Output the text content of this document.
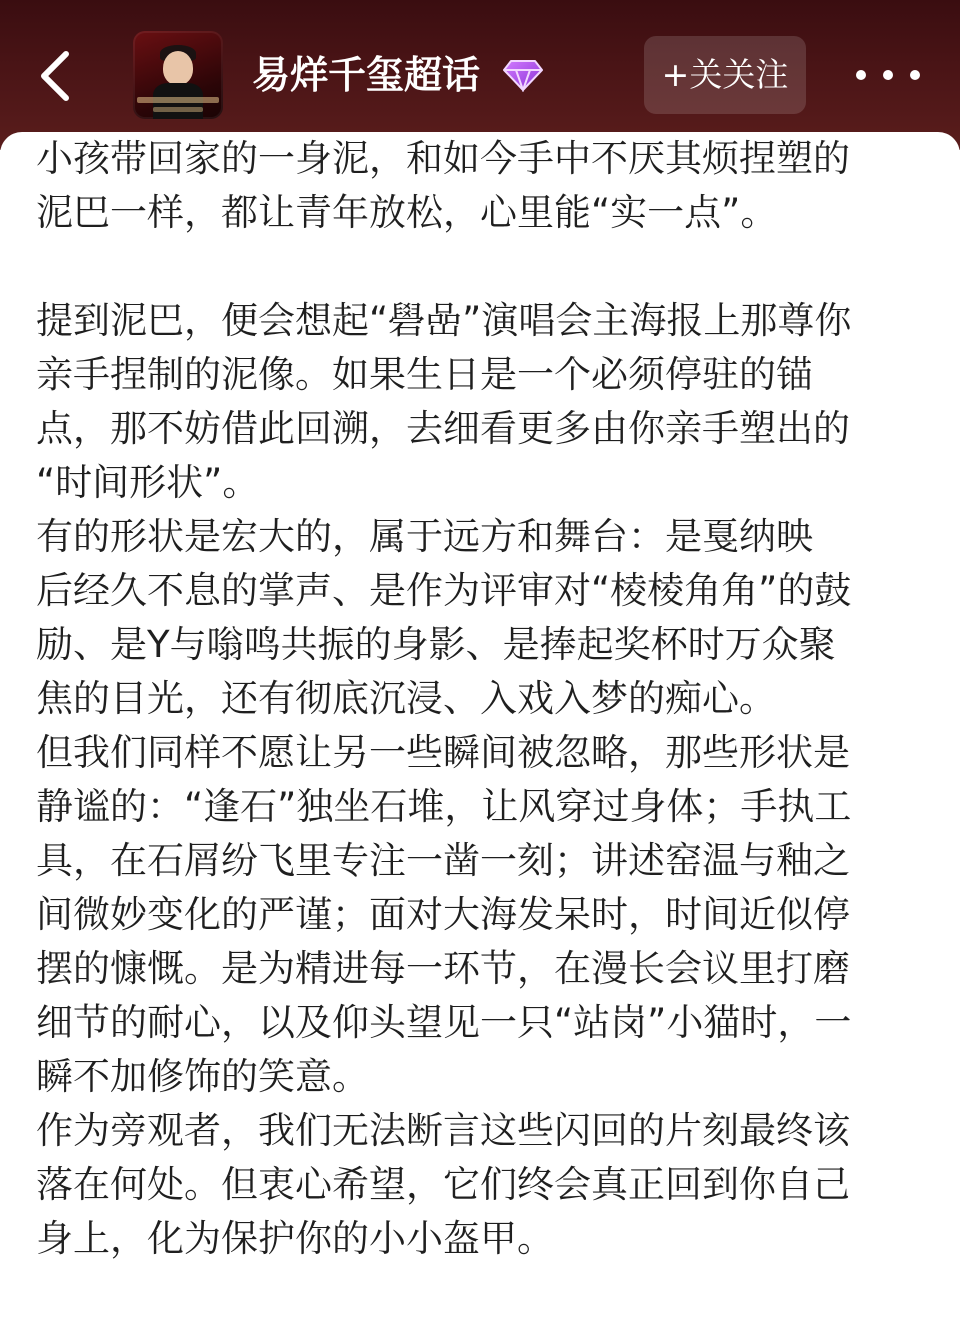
易烊千玺超话	+关关注
小孩带回家的一身泥，和如今手中不厌其烦捏塑的
泥巴一样，都让青年放松，心里能“实一点”。
提到泥巴，便会想起“礐嵒”演唱会主海报上那尊你
亲手捏制的泥像。如果生日是一个必须停驻的锚
点，那不妨借此回溯，去细看更多由你亲手塑出的
“时间形状”。
有的形状是宏大的，属于远方和舞台：是戛纳映
后经久不息的掌声、是作为评审对“棱棱角角”的鼓
励、是Y与嗡鸣共振的身影、是捧起奖杯时万众聚
焦的目光，还有彻底沉浸、入戏入梦的痴心。
但我们同样不愿让另一些瞬间被忽略，那些形状是
静谧的：“逢石”独坐石堆，让风穿过身体；手执工
具，在石屑纷飞里专注一凿一刻；讲述窑温与釉之
间微妙变化的严谨；面对大海发呆时，时间近似停
摆的慷慨。是为精进每一环节，在漫长会议里打磨
细节的耐心，以及仰头望见一只“站岗”小猫时，一
瞬不加修饰的笑意。
作为旁观者，我们无法断言这些闪回的片刻最终该
落在何处。但衷心希望，它们终会真正回到你自己
身上，化为保护你的小小盔甲。
